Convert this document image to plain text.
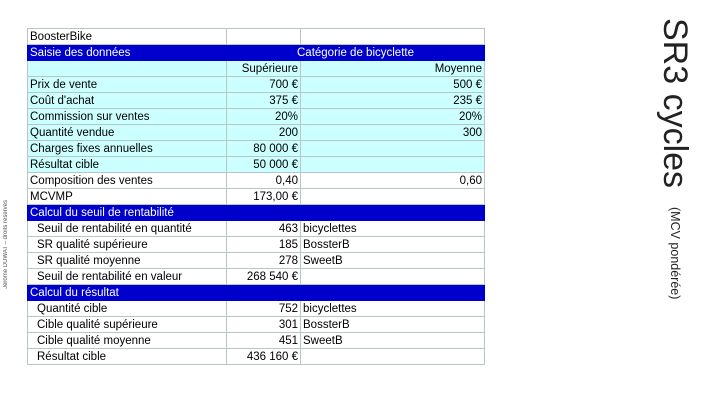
Jérôme DUWAT – droits réservés
BoosterBike		
Saisie des données	Catégorie de bicyclette	
	Supérieure	Moyenne
Prix de vente	700 €	500 €
Coût d'achat	375 €	235 €
Commission sur ventes	20%	20%
Quantité vendue	200	300
Charges fixes annuelles	80 000 €	
Résultat cible	50 000 €	
Composition des ventes	0,40	0,60
MCVMP	173,00 €	
Calcul du seuil de rentabilité		
Seuil de rentabilité en quantité	463	bicyclettes
SR qualité supérieure	185	BossterB
SR qualité moyenne	278	SweetB
Seuil de rentabilité en valeur	268 540 €	
Calcul du résultat		
Quantité cible	752	bicyclettes
Cible qualité supérieure	301	BossterB
Cible qualité moyenne	451	SweetB
Résultat cible	436 160 €	
SR3 cycles (MCV pondérée)
